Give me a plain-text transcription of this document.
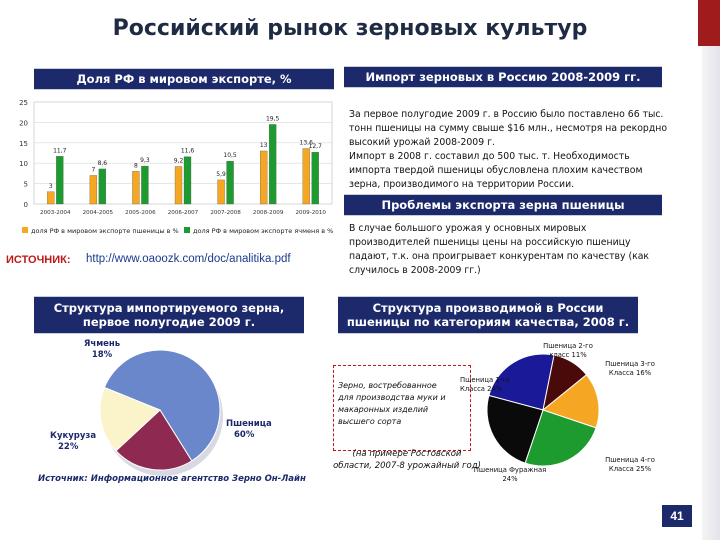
Российский рынок зерновых культур
Доля РФ в мировом экспорте, %
0
5
10
15
20
25
3
11,7
2003-2004
7
8,6
2004-2005
8
9,3
2005-2006
9,2
11,6
2006-2007
5,9
10,5
2007-2008
13
19,5
2008-2009
13,6
12,7
2009-2010
доля РФ в мировом экспорте пшеницы в % доля РФ в мировом экспорте ячменя в %
Импорт зерновых в Россию 2008-2009 гг.
За первое полугодие 2009 г. в Россию было поставлено 66 тыс.
тонн пшеницы на сумму свыше $16 млн., несмотря на рекордно
высокий урожай 2008-2009 г.
Импорт в 2008 г. составил до 500 тыс. т. Необходимость
импорта твердой пшеницы обусловлена плохим качеством
зерна, производимого на территории России.
Проблемы экспорта зерна пшеницы
В случае большого урожая у основных мировых
производителей пшеницы цены на российскую пшеницу
падают, т.к. она проигрывает конкурентам по качеству (как
случилось в 2008-2009 гг.)
ИСТОЧНИК: http://www.oaoozk.com/doc/analitika.pdf
Структура импортируемого зерна, первое полугодие 2009 г.
Структура производимой в России пшеницы по категориям качества, 2008 г.
Пшеница
60%
Кукуруза
22%
Ячмень
18%
Источник: Информационное агентство Зерно Он-Лайн
Зерно, востребованное
для производства муки и
макаронных изделий
высшего сорта
(на примере Ростовской
области, 2007-8 урожайный год)
Пшеница 1-го
Класса 24%
Пшеница 2-го
класс 11%
Пшеница 3-го
Класса 16%
Пшеница 4-го
Класса 25%
Пшеница Фуражная
24%
41
